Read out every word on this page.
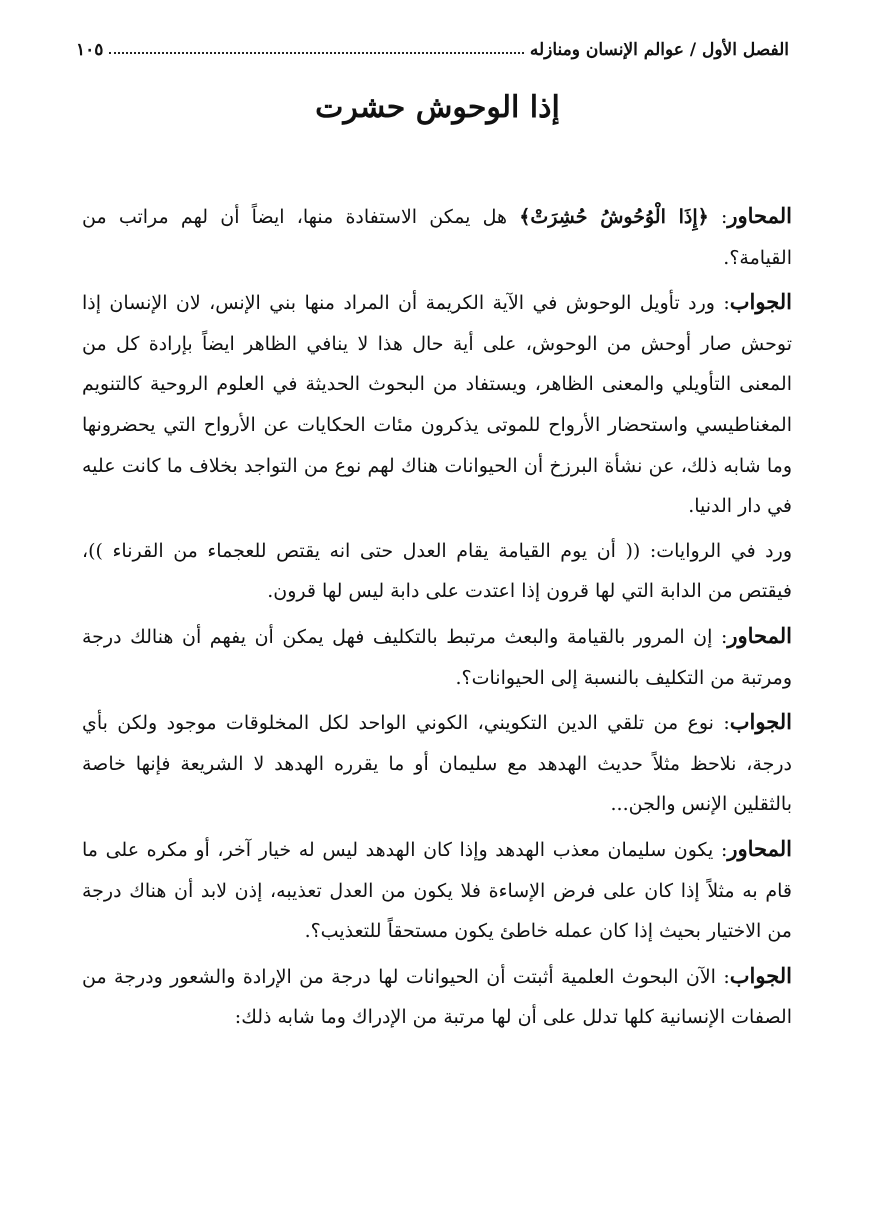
الفصل الأول / عوالم الإنسان ومنازله
١٠٥
إذا الوحوش حشرت

المحاور: ﴿إِذَا الْوُحُوشُ حُشِرَتْ﴾ هل يمكن الاستفادة منها، ايضاً أن لهم مراتب من القيامة؟.

الجواب: ورد تأويل الوحوش في الآية الكريمة أن المراد منها بني الإنس، لان الإنسان إذا توحش صار أوحش من الوحوش، على أية حال هذا لا ينافي الظاهر ايضاً بإرادة كل من المعنى التأويلي والمعنى الظاهر، ويستفاد من البحوث الحديثة في العلوم الروحية كالتنويم المغناطيسي واستحضار الأرواح للموتى يذكرون مئات الحكايات عن الأرواح التي يحضرونها وما شابه ذلك، عن نشأة البرزخ أن الحيوانات هناك لهم نوع من التواجد بخلاف ما كانت عليه في دار الدنيا.

ورد في الروايات: (( أن يوم القيامة يقام العدل حتى انه يقتص للعجماء من القرناء ))، فيقتص من الدابة التي لها قرون إذا اعتدت على دابة ليس لها قرون.

المحاور: إن المرور بالقيامة والبعث مرتبط بالتكليف فهل يمكن أن يفهم أن هنالك درجة ومرتبة من التكليف بالنسبة إلى الحيوانات؟.

الجواب: نوع من تلقي الدين التكويني، الكوني الواحد لكل المخلوقات موجود ولكن بأي درجة، نلاحظ مثلاً حديث الهدهد مع سليمان أو ما يقرره الهدهد لا الشريعة فإنها خاصة بالثقلين الإنس والجن...

المحاور: يكون سليمان معذب الهدهد وإذا كان الهدهد ليس له خيار آخر، أو مكره على ما قام به مثلاً إذا كان على فرض الإساءة فلا يكون من العدل تعذيبه، إذن لابد أن هناك درجة من الاختيار بحيث إذا كان عمله خاطئ يكون مستحقاً للتعذيب؟.

الجواب: الآن البحوث العلمية أثبتت أن الحيوانات لها درجة من الإرادة والشعور ودرجة من الصفات الإنسانية كلها تدلل على أن لها مرتبة من الإدراك وما شابه ذلك:
